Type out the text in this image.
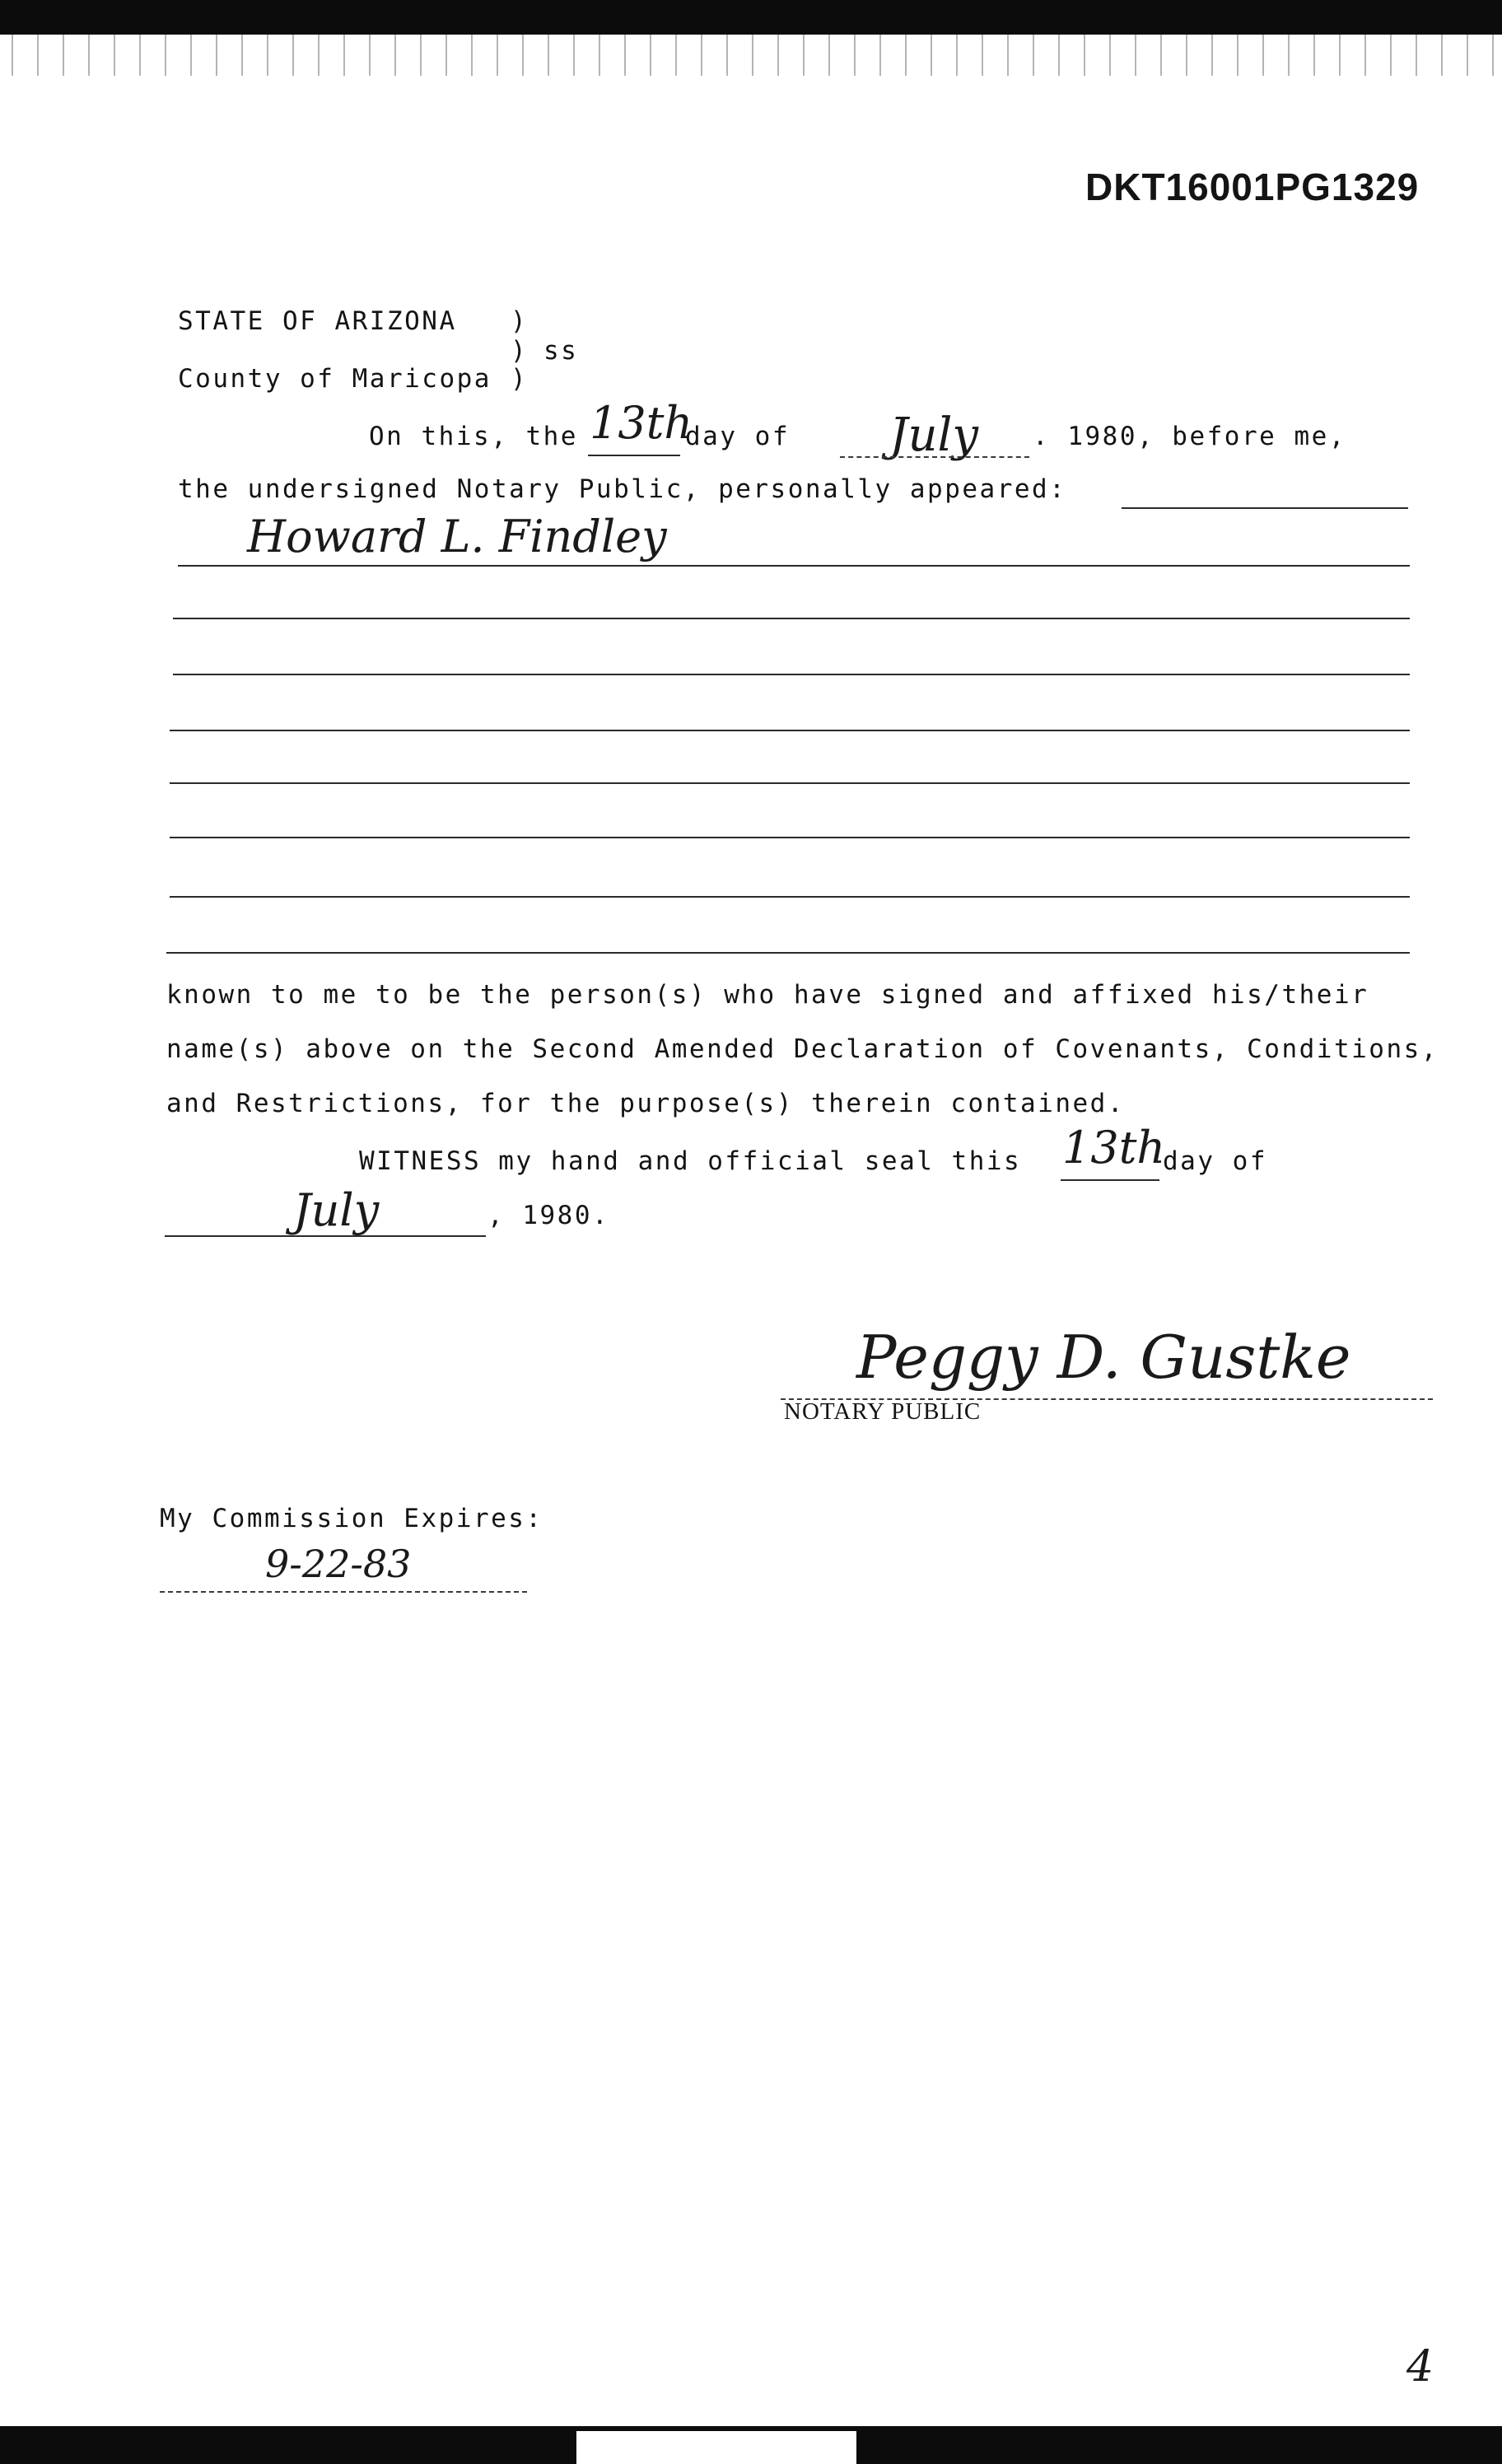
DKT16001PG1329
STATE OF ARIZONA )
) ss
County of Maricopa )
On this, the 13th
day of July . 1980, before me,
the undersigned Notary Public, personally appeared:
Howard L. Findley
known to me to be the person(s) who have signed and affixed his/their
name(s) above on the Second Amended Declaration of Covenants, Conditions,
and Restrictions, for the purpose(s) therein contained.
WITNESS my hand and official seal this 13th
day of
July	, 1980.
Peggy D. Gustke
NOTARY PUBLIC
My Commission Expires:
9-22-83
4
